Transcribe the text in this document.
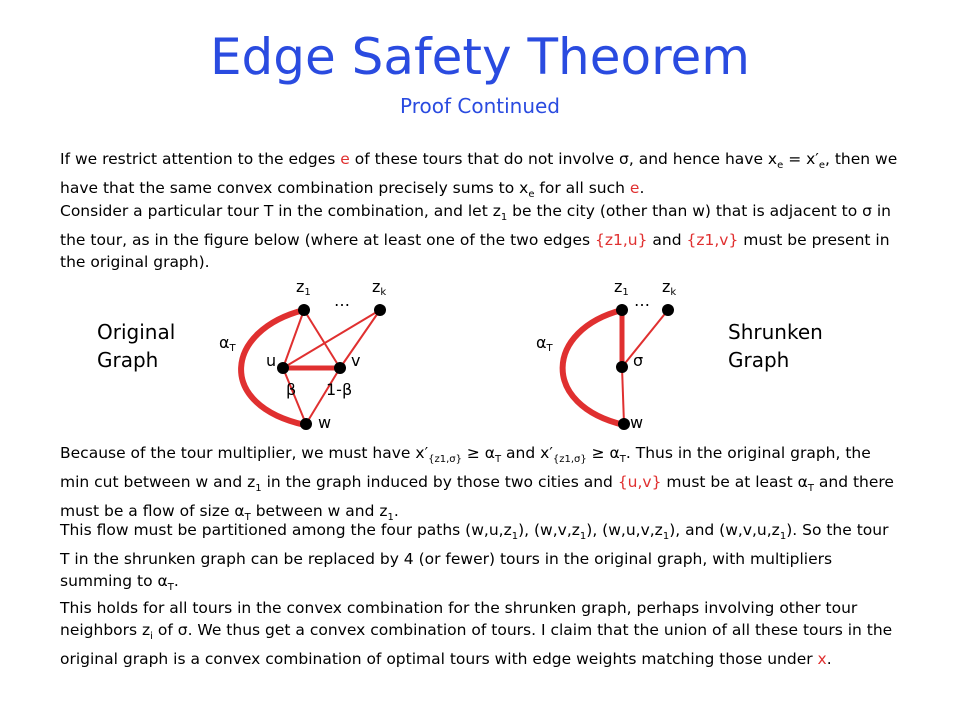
Edge Safety Theorem
Proof Continued
If we restrict attention to the edges e of these tours that do not involve σ, and hence have $x_e = x'_e$, then we have that the same convex combination precisely sums to $x_e$ for all such e.
Consider a particular tour T in the combination, and let $z_1$ be the city (other than w) that is adjacent to σ in the tour, as in the figure below (where at least one of the two edges {z1,u} and {z1,v} must be present in the original graph).
Original
Graph
Shrunken
Graph
z1	zk
…
αT
u	v
β 1-β
w
z1 zk
…
αT
σ
w
Because of the tour multiplier, we must have $x'_{\{z1,\sigma\}} \ge \alpha_T$ and $x'_{\{z1,\sigma\}} \ge \alpha_T$. Thus in the original graph, the min cut between w and $z_1$ in the graph induced by those two cities and {u,v} must be at least $\alpha_T$ and there must be a flow of size $\alpha_T$ between w and $z_1$.
This flow must be partitioned among the four paths $(w,u,z_1)$, $(w,v,z_1)$, $(w,u,v,z_1)$, and $(w,v,u,z_1)$. So the tour T in the shrunken graph can be replaced by 4 (or fewer) tours in the original graph, with multipliers summing to $\alpha_T$.
This holds for all tours in the convex combination for the shrunken graph, perhaps involving other tour neighbors $z_i$ of σ. We thus get a convex combination of tours. I claim that the union of all these tours in the original graph is a convex combination of optimal tours with edge weights matching those under x.
